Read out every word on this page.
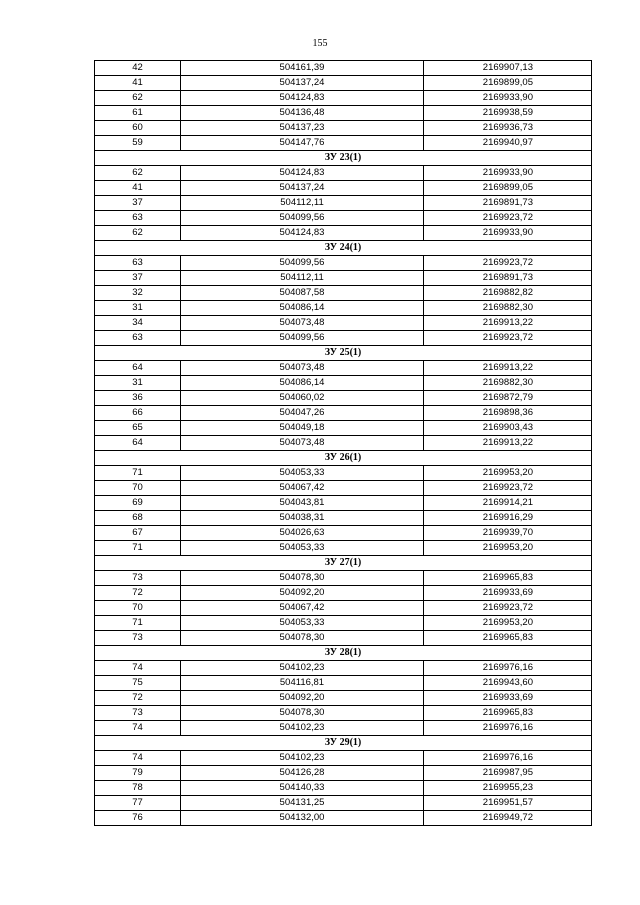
155
42	504161,39	2169907,13
41	504137,24	2169899,05
62	504124,83	2169933,90
61	504136,48	2169938,59
60	504137,23	2169936,73
59	504147,76	2169940,97
ЗУ 23(1)		
62	504124,83	2169933,90
41	504137,24	2169899,05
37	504112,11	2169891,73
63	504099,56	2169923,72
62	504124,83	2169933,90
ЗУ 24(1)		
63	504099,56	2169923,72
37	504112,11	2169891,73
32	504087,58	2169882,82
31	504086,14	2169882,30
34	504073,48	2169913,22
63	504099,56	2169923,72
ЗУ 25(1)		
64	504073,48	2169913,22
31	504086,14	2169882,30
36	504060,02	2169872,79
66	504047,26	2169898,36
65	504049,18	2169903,43
64	504073,48	2169913,22
ЗУ 26(1)		
71	504053,33	2169953,20
70	504067,42	2169923,72
69	504043,81	2169914,21
68	504038,31	2169916,29
67	504026,63	2169939,70
71	504053,33	2169953,20
ЗУ 27(1)		
73	504078,30	2169965,83
72	504092,20	2169933,69
70	504067,42	2169923,72
71	504053,33	2169953,20
73	504078,30	2169965,83
ЗУ 28(1)		
74	504102,23	2169976,16
75	504116,81	2169943,60
72	504092,20	2169933,69
73	504078,30	2169965,83
74	504102,23	2169976,16
ЗУ 29(1)		
74	504102,23	2169976,16
79	504126,28	2169987,95
78	504140,33	2169955,23
77	504131,25	2169951,57
76	504132,00	2169949,72
